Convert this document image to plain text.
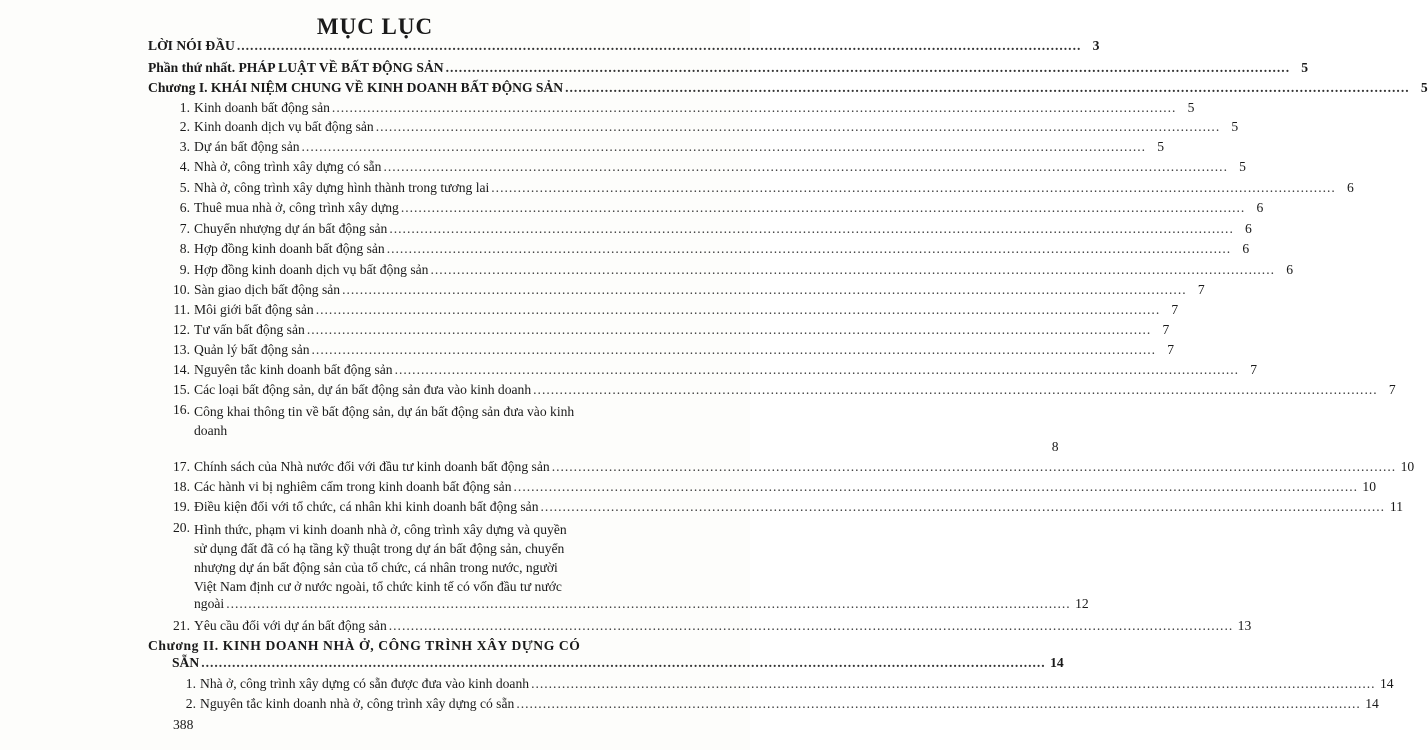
MỤC LỤC
LỜI NÓI ĐẦU .....	3
Phần thứ nhất. PHÁP LUẬT VỀ BẤT ĐỘNG SẢN .....	5
Chương I. KHÁI NIỆM CHUNG VỀ KINH DOANH BẤT ĐỘNG SẢN .....	5
1. Kinh doanh bất động sản .....	5
2. Kinh doanh dịch vụ bất động sản .....	5
3. Dự án bất động sản .....	5
4. Nhà ở, công trình xây dựng có sẵn .....	5
5. Nhà ở, công trình xây dựng hình thành trong tương lai .....	6
6. Thuê mua nhà ở, công trình xây dựng .....	6
7. Chuyển nhượng dự án bất động sản .....	6
8. Hợp đồng kinh doanh bất động sản .....	6
9. Hợp đồng kinh doanh dịch vụ bất động sản .....	6
10. Sàn giao dịch bất động sản .....	7
11. Môi giới bất động sản .....	7
12. Tư vấn bất động sản .....	7
13. Quản lý bất động sản .....	7
14. Nguyên tắc kinh doanh bất động sản .....	7
15. Các loại bất động sản, dự án bất động sản đưa vào kinh doanh .....	7
16. Công khai thông tin về bất động sản, dự án bất động sản đưa vào kinh
doanh
8
17. Chính sách của Nhà nước đối với đầu tư kinh doanh bất động sản .....	10
18. Các hành vi bị nghiêm cấm trong kinh doanh bất động sản .....	10
19. Điều kiện đối với tổ chức, cá nhân khi kinh doanh bất động sản .....	11
20. Hình thức, phạm vi kinh doanh nhà ở, công trình xây dựng và quyền
sử dụng đất đã có hạ tầng kỹ thuật trong dự án bất động sản, chuyển
nhượng dự án bất động sản của tổ chức, cá nhân trong nước, người
Việt Nam định cư ở nước ngoài, tổ chức kinh tế có vốn đầu tư nước
ngoài .....	12
21. Yêu cầu đối với dự án bất động sản .....	13
Chương II. KINH DOANH NHÀ Ở, CÔNG TRÌNH XÂY DỰNG CÓ
SẴN .....	14
1. Nhà ở, công trình xây dựng có sẵn được đưa vào kinh doanh .....	14
2. Nguyên tắc kinh doanh nhà ở, công trình xây dựng có sẵn .....	14
388
